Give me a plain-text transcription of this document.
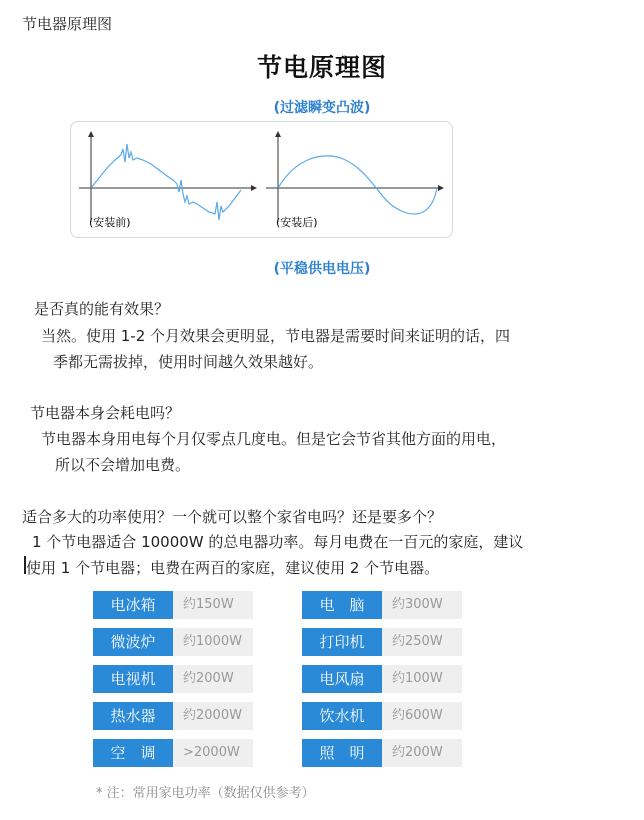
节电器原理图
节电原理图
(过滤瞬变凸波)
(安装前)	(安装后)
(平稳供电电压)
是否真的能有效果？
当然。使用 1-2 个月效果会更明显，节电器是需要时间来证明的话，四
季都无需拔掉，使用时间越久效果越好。
节电器本身会耗电吗？
节电器本身用电每个月仅零点几度电。但是它会节省其他方面的用电，
所以不会增加电费。
适合多大的功率使用？一个就可以整个家省电吗？还是要多个？
1 个节电器适合 10000W 的总电器功率。每月电费在一百元的家庭，建议
使用 1 个节电器；电费在两百的家庭，建议使用 2 个节电器。
电冰箱	约150W
微波炉	约1000W
电视机	约200W
热水器	约2000W
空　调	>2000W
电　脑	约300W
打印机	约250W
电风扇	约100W
饮水机	约600W
照　明	约200W
* 注：常用家电功率（数据仅供参考）
